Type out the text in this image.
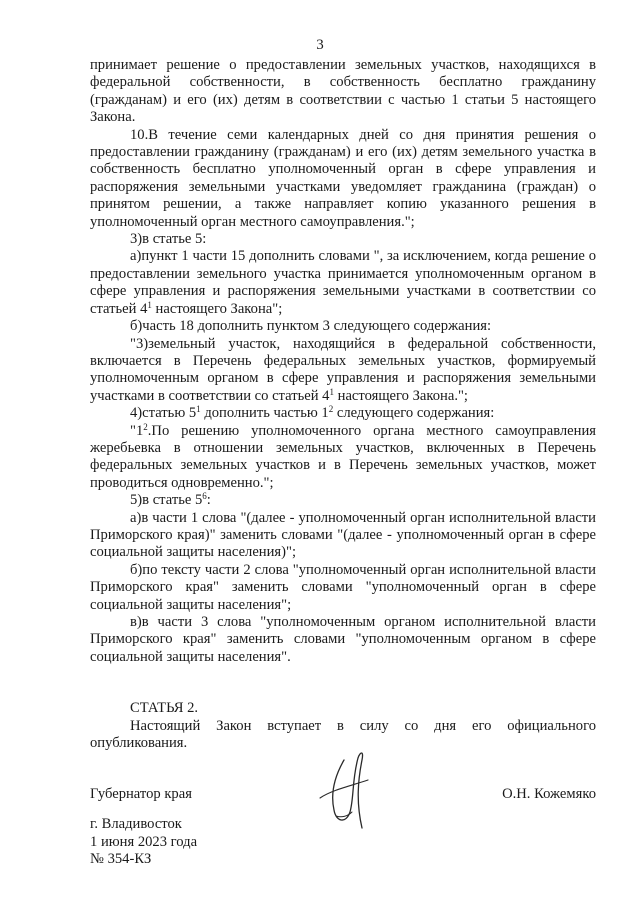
3

принимает решение о предоставлении земельных участков, находящихся в федеральной собственности, в собственность бесплатно гражданину (гражданам) и его (их) детям в соответствии с частью 1 статьи 5 настоящего Закона.

10.В течение семи календарных дней со дня принятия решения о предоставлении гражданину (гражданам) и его (их) детям земельного участка в собственность бесплатно уполномоченный орган в сфере управления и распоряжения земельными участками уведомляет гражданина (граждан) о принятом решении, а также направляет копию указанного решения в уполномоченный орган местного самоуправления.";

3)в статье 5:

а)пункт 1 части 15 дополнить словами ", за исключением, когда решение о предоставлении земельного участка принимается уполномоченным органом в сфере управления и распоряжения земельными участками в соответствии со статьей $4^1$ настоящего Закона";

б)часть 18 дополнить пунктом 3 следующего содержания:

"3)земельный участок, находящийся в федеральной собственности, включается в Перечень федеральных земельных участков, формируемый уполномоченным органом в сфере управления и распоряжения земельными участками в соответствии со статьей $4^1$ настоящего Закона.";

4)статью $5^1$ дополнить частью $1^2$ следующего содержания:

"$1^2.По$ решению уполномоченного органа местного самоуправления жеребьевка в отношении земельных участков, включенных в Перечень федеральных земельных участков и в Перечень земельных участков, может проводиться одновременно.";

5)в статье $5^6$:

а)в части 1 слова "(далее - уполномоченный орган исполнительной власти Приморского края)" заменить словами "(далее - уполномоченный орган в сфере социальной защиты населения)";

б)по тексту части 2 слова "уполномоченный орган исполнительной власти Приморского края" заменить словами "уполномоченный орган в сфере социальной защиты населения";

в)в части 3 слова "уполномоченным органом исполнительной власти Приморского края" заменить словами "уполномоченным органом в сфере социальной защиты населения".

СТАТЬЯ 2.

Настоящий Закон вступает в силу со дня его официального опубликования.

Губернатор края	О.Н. Кожемяко
г. Владивосток
1 июня 2023 года
№ 354-КЗ
